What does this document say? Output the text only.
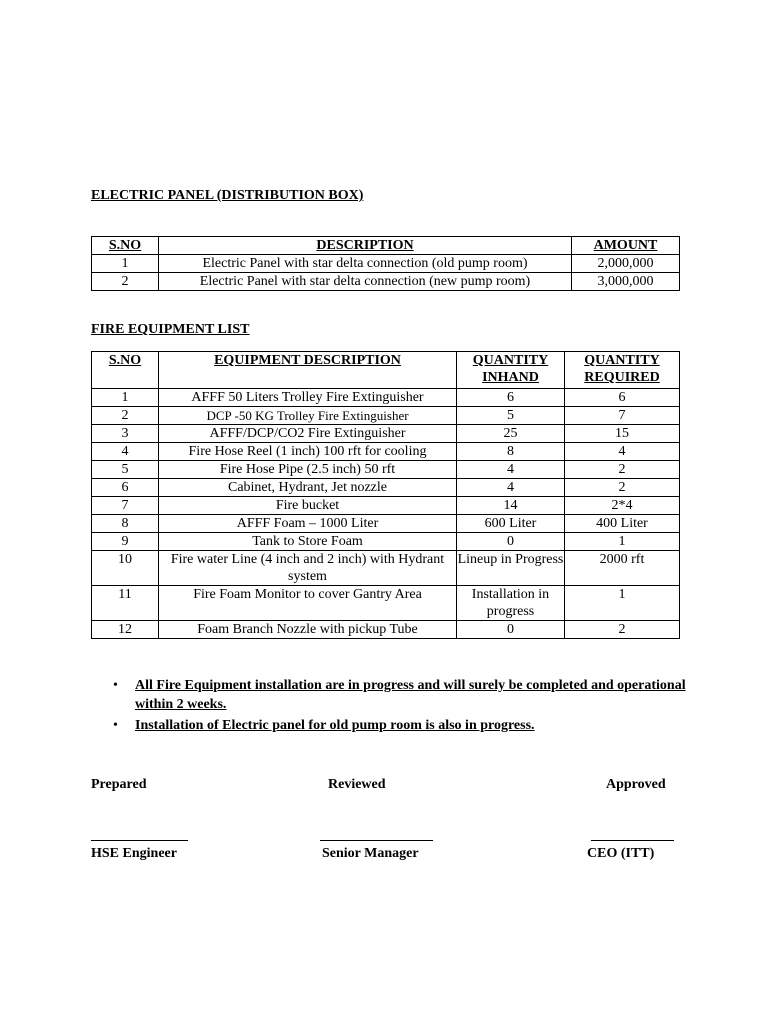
ELECTRIC PANEL (DISTRIBUTION BOX)
S.NO	DESCRIPTION	AMOUNT
1	Electric Panel with star delta connection (old pump room)	2,000,000
2	Electric Panel with star delta connection (new pump room)	3,000,000
FIRE EQUIPMENT LIST
S.NO	EQUIPMENT DESCRIPTION	QUANTITY INHAND	QUANTITY REQUIRED
1	AFFF 50 Liters Trolley Fire Extinguisher	6	6
2	DCP -50 KG Trolley Fire Extinguisher	5	7
3	AFFF/DCP/CO2 Fire Extinguisher	25	15
4	Fire Hose Reel (1 inch) 100 rft for cooling	8	4
5	Fire Hose Pipe (2.5 inch) 50 rft	4	2
6	Cabinet, Hydrant, Jet nozzle	4	2
7	Fire bucket	14	2*4
8	AFFF Foam – 1000 Liter	600 Liter	400 Liter
9	Tank to Store Foam	0	1
10	Fire water Line (4 inch and 2 inch) with Hydrant system	Lineup in Progress	2000 rft
11	Fire Foam Monitor to cover Gantry Area	Installation in progress	1
12	Foam Branch Nozzle with pickup Tube	0	2
• All Fire Equipment installation are in progress and will surely be completed and operational within 2 weeks.
• Installation of Electric panel for old pump room is also in progress.
Prepared	Reviewed	Approved
HSE Engineer	Senior Manager	CEO (ITT)
